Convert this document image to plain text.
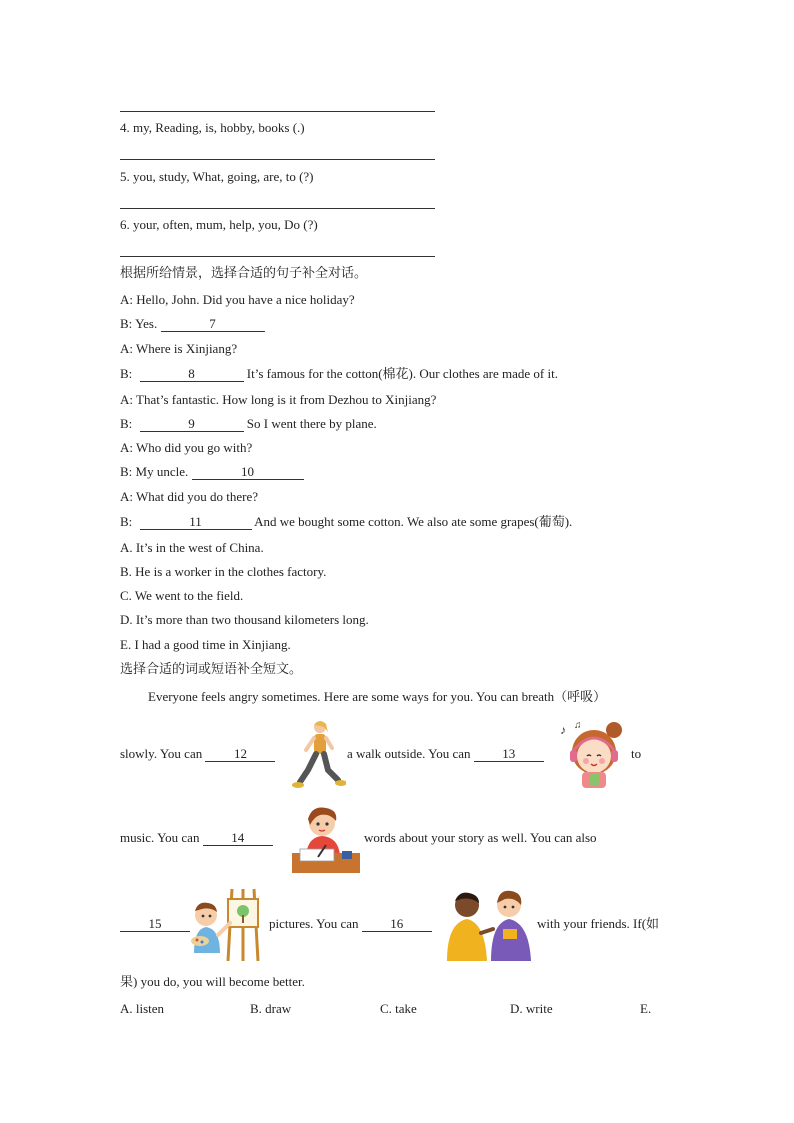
4. my, Reading, is, hobby, books (.)
5. you, study, What, going, are, to (?)
6. your, often, mum, help, you, Do (?)
根据所给情景，选择合适的句子补全对话。
A: Hello, John. Did you have a nice holiday?
B: Yes.	7
A: Where is Xinjiang?
B:	8	It’s famous for the cotton(棉花). Our clothes are made of it.
A: That’s fantastic. How long is it from Dezhou to Xinjiang?
B:	9	So I went there by plane.
A: Who did you go with?
B: My uncle.	10
A: What did you do there?
B:	11	And we bought some cotton. We also ate some grapes(葡萄).
A. It’s in the west of China.
B. He is a worker in the clothes factory.
C. We went to the field.
D. It’s more than two thousand kilometers long.
E. I had a good time in Xinjiang.
选择合适的词或短语补全短文。
Everyone feels angry sometimes. Here are some ways for you. You can breath（呼吸）
slowly. You can 12	a walk outside. You can 13	to
music. You can 14	words about your story as well. You can also
15	pictures. You can 16	with your friends. If(如
果) you do, you will become better.
A. listen	B. draw	C. take	D. write	E.
♪ ♫
